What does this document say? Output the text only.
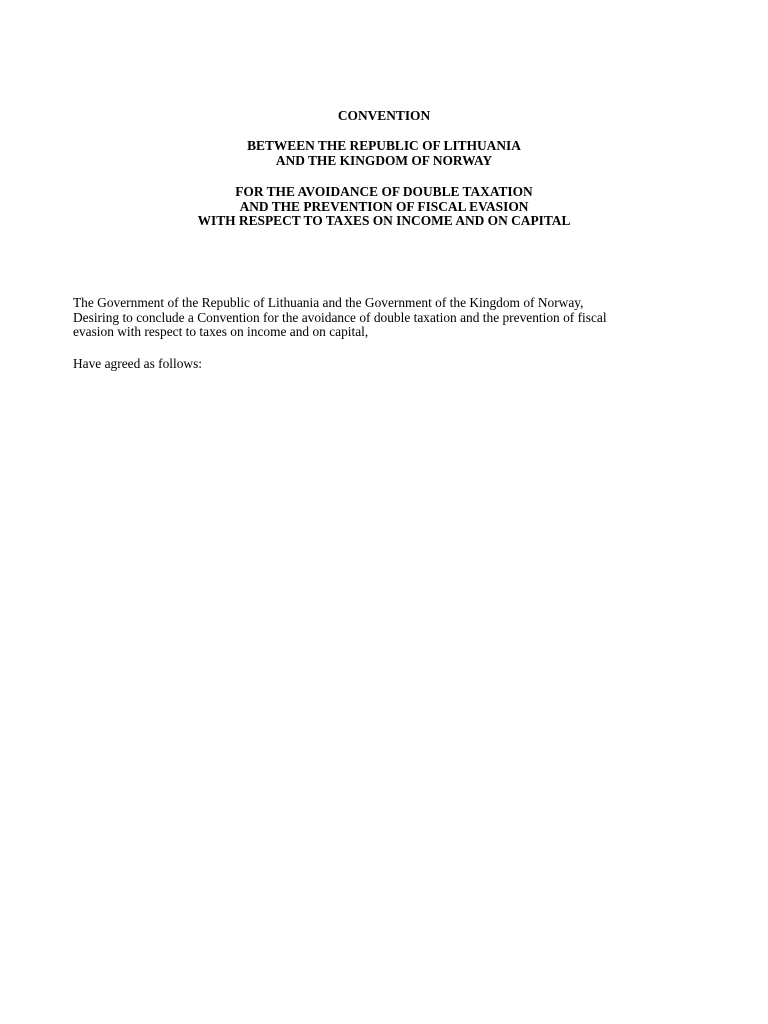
CONVENTION
BETWEEN THE REPUBLIC OF LITHUANIA
AND THE KINGDOM OF NORWAY
FOR THE AVOIDANCE OF DOUBLE TAXATION
AND THE PREVENTION OF FISCAL EVASION
WITH RESPECT TO TAXES ON INCOME AND ON CAPITAL
The Government of the Republic of Lithuania and the Government of the Kingdom of Norway,
Desiring to conclude a Convention for the avoidance of double taxation and the prevention of fiscal
evasion with respect to taxes on income and on capital,
Have agreed as follows:
